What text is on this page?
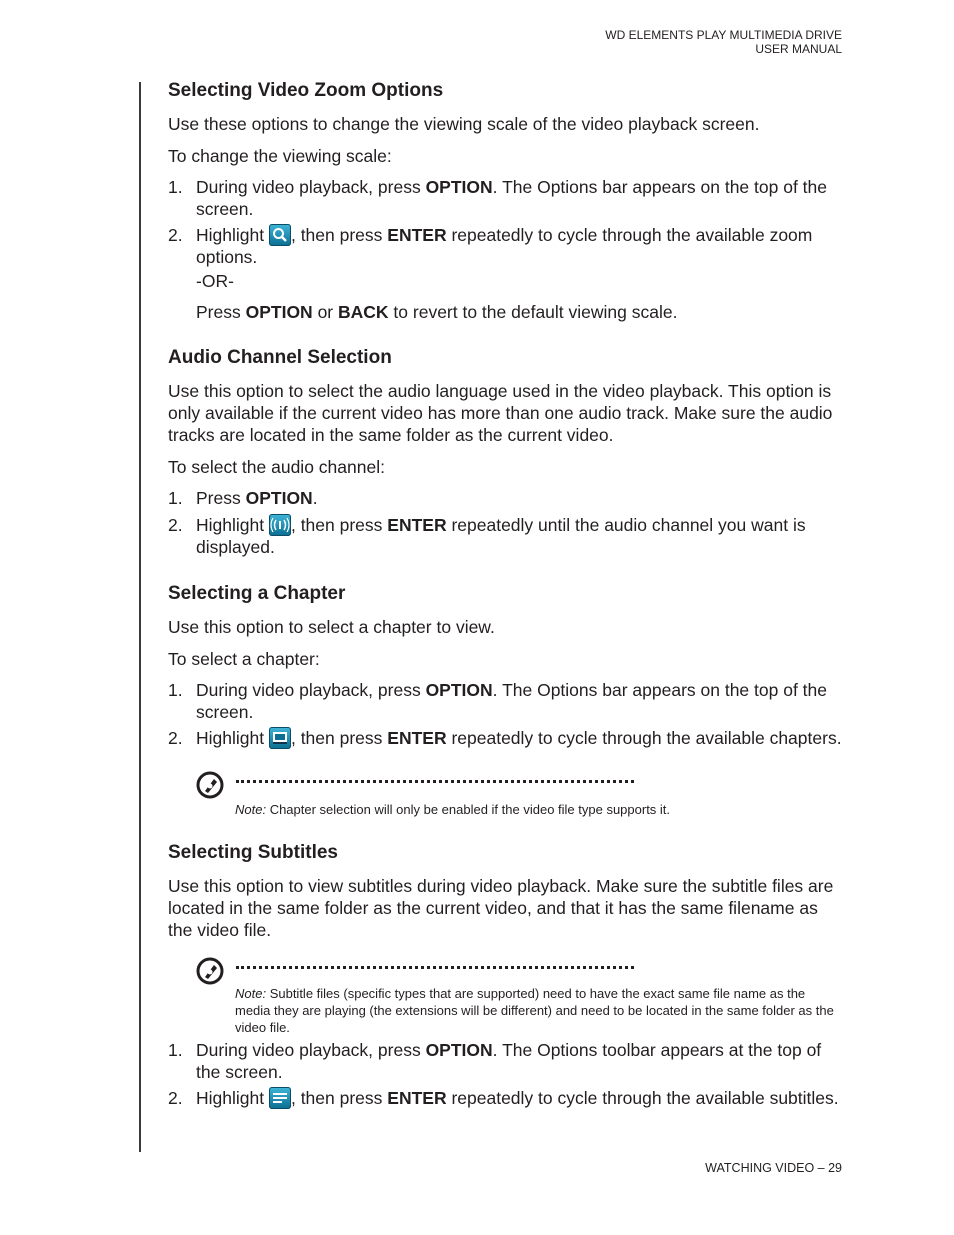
WD ELEMENTS PLAY MULTIMEDIA DRIVE
USER MANUAL
Selecting Video Zoom Options

Use these options to change the viewing scale of the video playback screen.

To change the viewing scale:

1. During video playback, press OPTION. The Options bar appears on the top of the screen.
2. Highlight , then press ENTER repeatedly to cycle through the available zoom options.
-OR-
Press OPTION or BACK to revert to the default viewing scale.
Audio Channel Selection

Use this option to select the audio language used in the video playback. This option is only available if the current video has more than one audio track. Make sure the audio tracks are located in the same folder as the current video.

To select the audio channel:

1. Press OPTION.
2. Highlight , then press ENTER repeatedly until the audio channel you want is displayed.
Selecting a Chapter

Use this option to select a chapter to view.

To select a chapter:

1. During video playback, press OPTION. The Options bar appears on the top of the screen.
2. Highlight , then press ENTER repeatedly to cycle through the available chapters.
Note: Chapter selection will only be enabled if the video file type supports it.
Selecting Subtitles

Use this option to view subtitles during video playback. Make sure the subtitle files are located in the same folder as the current video, and that it has the same filename as the video file.

Note: Subtitle files (specific types that are supported) need to have the exact same file name as the media they are playing (the extensions will be different) and need to be located in the same folder as the video file.
1. During video playback, press OPTION. The Options toolbar appears at the top of the screen.
2. Highlight , then press ENTER repeatedly to cycle through the available subtitles.
WATCHING VIDEO – 29
